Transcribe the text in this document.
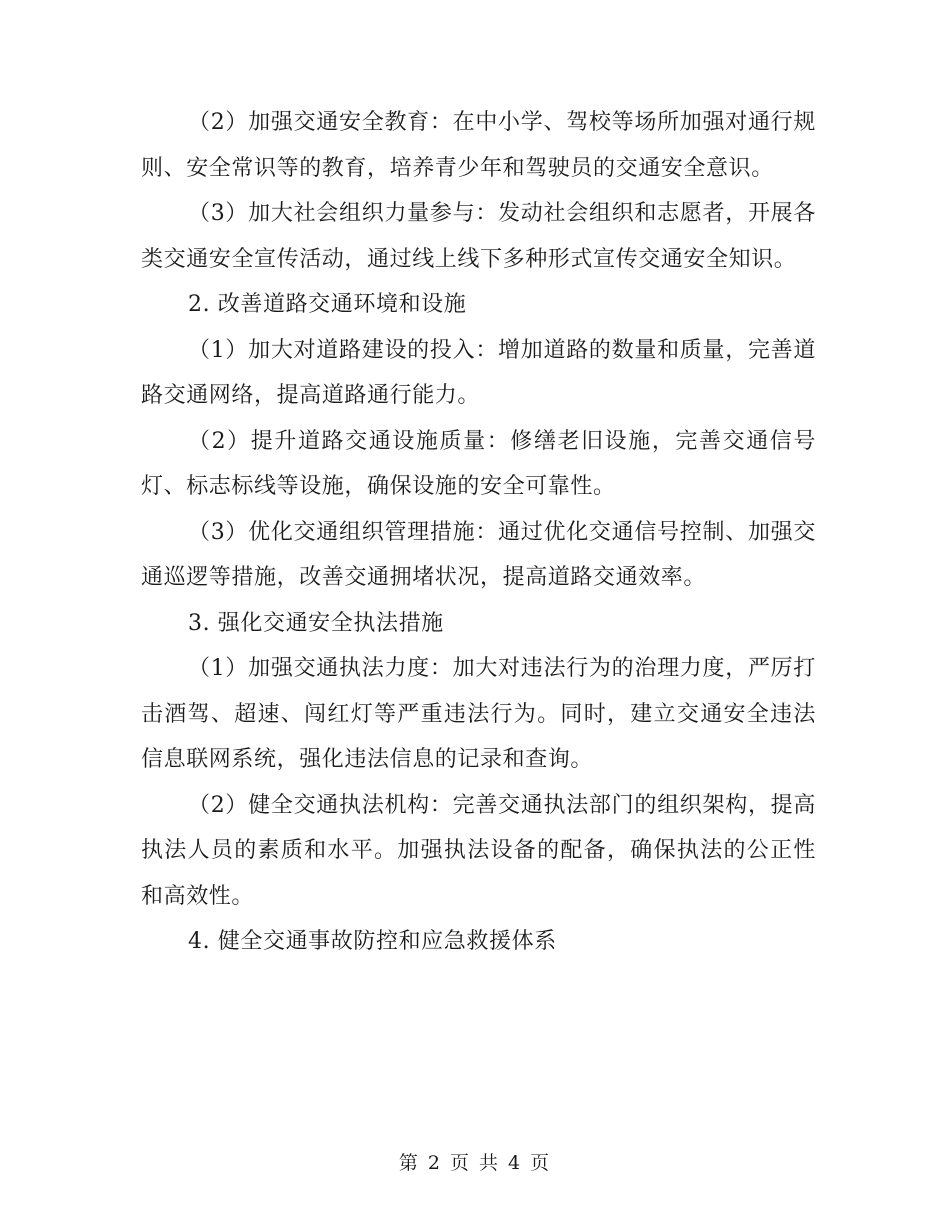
（2）加强交通安全教育：在中小学、驾校等场所加强对通行规则、安全常识等的教育，培养青少年和驾驶员的交通安全意识。

（3）加大社会组织力量参与：发动社会组织和志愿者，开展各类交通安全宣传活动，通过线上线下多种形式宣传交通安全知识。

2. 改善道路交通环境和设施

（1）加大对道路建设的投入：增加道路的数量和质量，完善道路交通网络，提高道路通行能力。

（2）提升道路交通设施质量：修缮老旧设施，完善交通信号灯、标志标线等设施，确保设施的安全可靠性。

（3）优化交通组织管理措施：通过优化交通信号控制、加强交通巡逻等措施，改善交通拥堵状况，提高道路交通效率。

3. 强化交通安全执法措施

（1）加强交通执法力度：加大对违法行为的治理力度，严厉打击酒驾、超速、闯红灯等严重违法行为。同时，建立交通安全违法信息联网系统，强化违法信息的记录和查询。

（2）健全交通执法机构：完善交通执法部门的组织架构，提高执法人员的素质和水平。加强执法设备的配备，确保执法的公正性和高效性。

4. 健全交通事故防控和应急救援体系

第 2 页 共 4 页
